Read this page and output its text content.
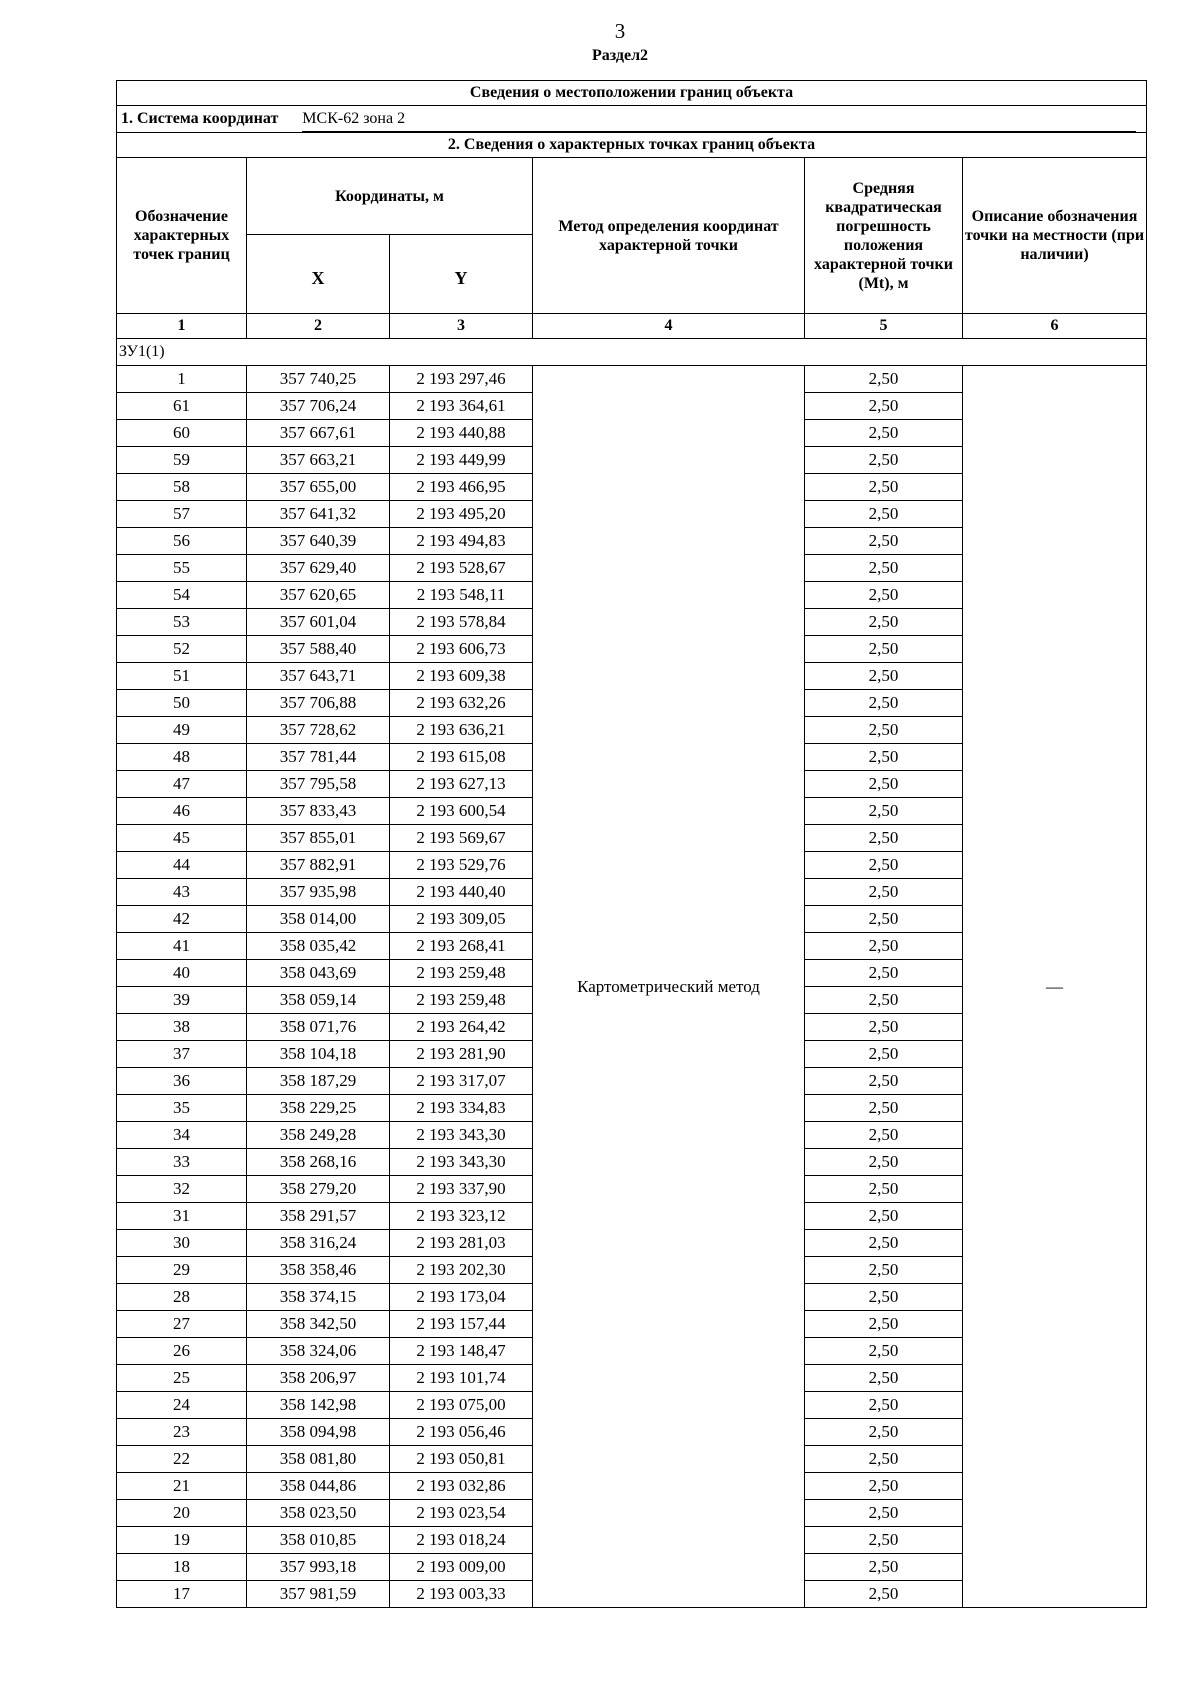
3
Раздел2
Сведения о местоположении границ объекта					

1. Система координат МСК-62 зона 2					

2. Сведения о характерных точках границ объекта					
Обозначение характерных точек границ	Координаты, м		Метод определения координат характерной точки	Средняя квадратическая погрешность положения характерной точки (Mt), м	Описание обозначения точки на местности (при наличии)
	X	Y			
1	2	3	4	5	6
ЗУ1(1)					
1	357 740,25	2 193 297,46	Картометрический метод	2,50	—
61	357 706,24	2 193 364,61		2,50	
60	357 667,61	2 193 440,88		2,50	
59	357 663,21	2 193 449,99		2,50	
58	357 655,00	2 193 466,95		2,50	
57	357 641,32	2 193 495,20		2,50	
56	357 640,39	2 193 494,83		2,50	
55	357 629,40	2 193 528,67		2,50	
54	357 620,65	2 193 548,11		2,50	
53	357 601,04	2 193 578,84		2,50	
52	357 588,40	2 193 606,73		2,50	
51	357 643,71	2 193 609,38		2,50	
50	357 706,88	2 193 632,26		2,50	
49	357 728,62	2 193 636,21		2,50	
48	357 781,44	2 193 615,08		2,50	
47	357 795,58	2 193 627,13		2,50	
46	357 833,43	2 193 600,54		2,50	
45	357 855,01	2 193 569,67		2,50	
44	357 882,91	2 193 529,76		2,50	
43	357 935,98	2 193 440,40		2,50	
42	358 014,00	2 193 309,05		2,50	
41	358 035,42	2 193 268,41		2,50	
40	358 043,69	2 193 259,48		2,50	
39	358 059,14	2 193 259,48		2,50	
38	358 071,76	2 193 264,42		2,50	
37	358 104,18	2 193 281,90		2,50	
36	358 187,29	2 193 317,07		2,50	
35	358 229,25	2 193 334,83		2,50	
34	358 249,28	2 193 343,30		2,50	
33	358 268,16	2 193 343,30		2,50	
32	358 279,20	2 193 337,90		2,50	
31	358 291,57	2 193 323,12		2,50	
30	358 316,24	2 193 281,03		2,50	
29	358 358,46	2 193 202,30		2,50	
28	358 374,15	2 193 173,04		2,50	
27	358 342,50	2 193 157,44		2,50	
26	358 324,06	2 193 148,47		2,50	
25	358 206,97	2 193 101,74		2,50	
24	358 142,98	2 193 075,00		2,50	
23	358 094,98	2 193 056,46		2,50	
22	358 081,80	2 193 050,81		2,50	
21	358 044,86	2 193 032,86		2,50	
20	358 023,50	2 193 023,54		2,50	
19	358 010,85	2 193 018,24		2,50	
18	357 993,18	2 193 009,00		2,50	
17	357 981,59	2 193 003,33		2,50	
